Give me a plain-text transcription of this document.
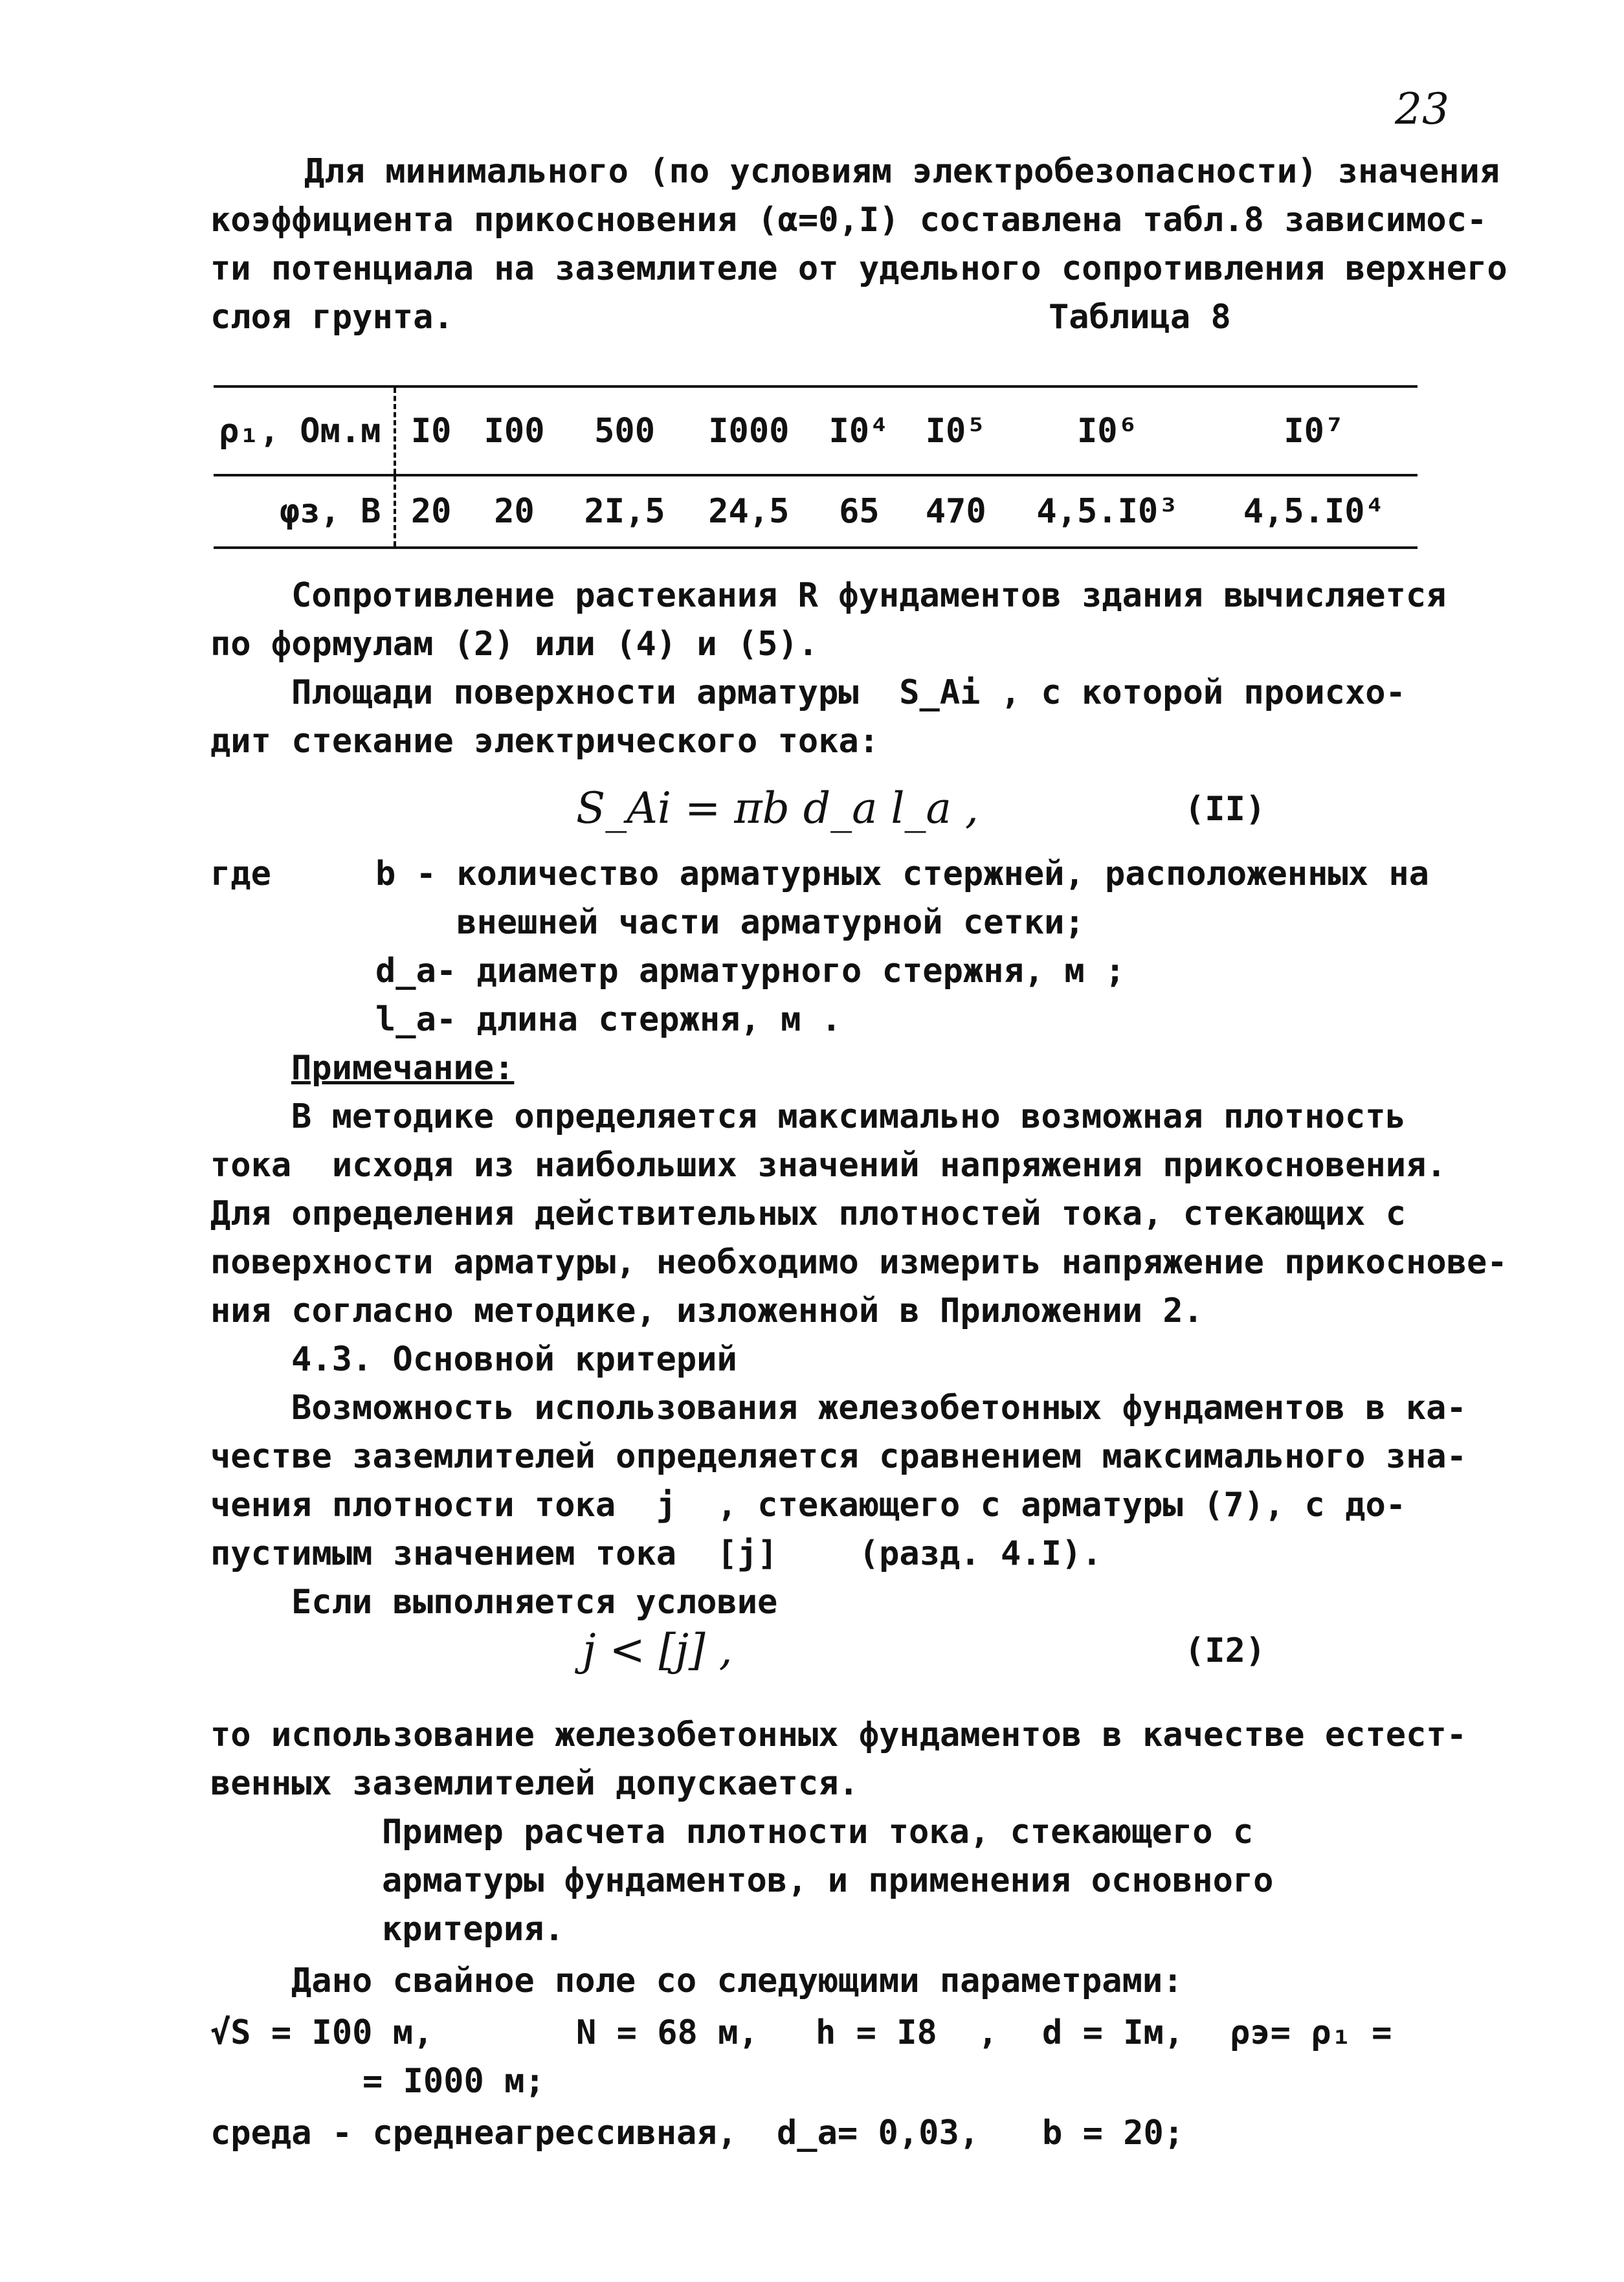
23
Для минимального (по условиям электробезопасности) значения
коэффициента прикосновения (α=0,I) составлена табл.8 зависимос-
ти потенциала на заземлителе от удельного сопротивления верхнего
слоя грунта.	Таблица 8
ρ₁, Ом.м	I0	I00	500	I000	I0⁴	I0⁵	I0⁶	I0⁷
φз, В	20	20	2I,5	24,5	65	470	4,5.I0³	4,5.I0⁴
Сопротивление растекания R фундаментов здания вычисляется
по формулам (2) или (4) и (5).
Площади поверхности арматуры  S_Ai , с которой происхо-
дит стекание электрического тока:
S_Ai = πb d_a l_a ,	(II)
где	b - количество арматурных стержней, расположенных на
внешней части арматурной сетки;
d_a- диаметр арматурного стержня, м ;
l_a- длина стержня, м .
Примечание:
В методике определяется максимально возможная плотность
тока  исходя из наибольших значений напряжения прикосновения.
Для определения действительных плотностей тока, стекающих с
поверхности арматуры, необходимо измерить напряжение прикоснове-
ния согласно методике, изложенной в Приложении 2.
4.3. Основной критерий
Возможность использования железобетонных фундаментов в ка-
честве заземлителей определяется сравнением максимального зна-
чения плотности тока  j  , стекающего с арматуры (7), с до-
пустимым значением тока  [j]    (разд. 4.I).
Если выполняется условие
j < [j] ,	(I2)
то использование железобетонных фундаментов в качестве естест-
венных заземлителей допускается.
Пример расчета плотности тока, стекающего с
арматуры фундаментов, и применения основного
критерия.
Дано свайное поле со следующими параметрами:
√S = I00 м,	N = 68 м, h = I8  , d = Iм, ρэ= ρ₁ =
= I000 м;
среда - среднеагрессивная, d_a= 0,03, b = 20;
